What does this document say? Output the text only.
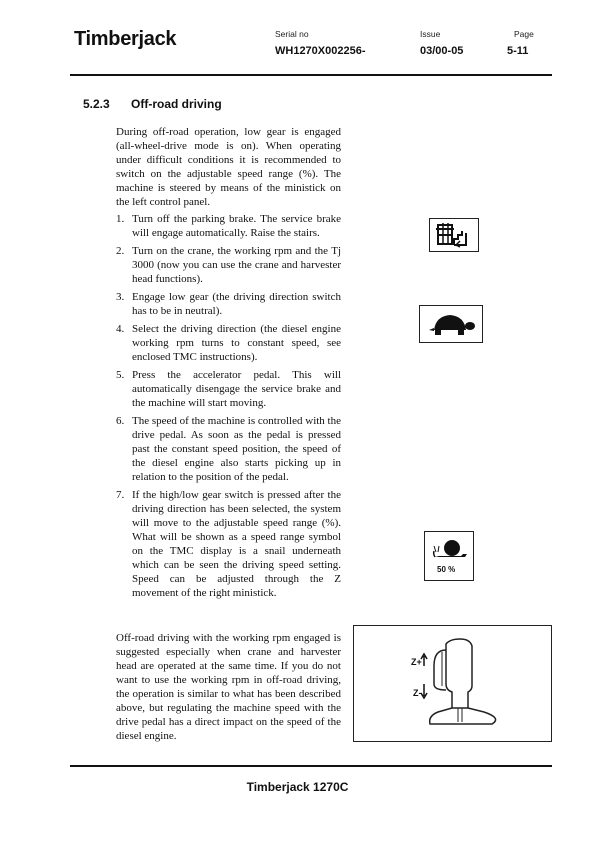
Timberjack	Serial no
WH1270X002256-
Issue
03/00-05
Page
5-11
5.2.3 Off-road driving
During off-road operation, low gear is engaged (all-wheel-drive mode is on). When operating under difficult conditions it is recommended to switch on the adjustable speed range (%). The machine is steered by means of the ministick on the left control panel.
1. Turn off the parking brake. The service brake will engage automatically. Raise the stairs.
2. Turn on the crane, the working rpm and the Tj 3000 (now you can use the crane and harvester head functions).
3. Engage low gear (the driving direction switch has to be in neutral).
4. Select the driving direction (the diesel engine working rpm turns to constant speed, see enclosed TMC instructions).
5. Press the accelerator pedal. This will automatically disengage the service brake and the machine will start moving.
6. The speed of the machine is controlled with the drive pedal. As soon as the pedal is pressed past the constant speed position, the speed of the diesel engine also starts picking up in relation to the position of the pedal.
7. If the high/low gear switch is pressed after the driving direction has been selected, the system will move to the adjustable speed range (%). What will be shown as a speed range symbol on the TMC display is a snail underneath which can be seen the driving speed setting. Speed can be adjusted through the Z movement of the right ministick.
Off-road driving with the working rpm engaged is suggested especially when crane and harvester head are operated at the same time. If you do not want to use the working rpm in off-road driving, the operation is similar to what has been described above, but regulating the machine speed with the drive pedal has a direct impact on the speed of the diesel engine.
50 %
Z+
Z-
Timberjack 1270C
